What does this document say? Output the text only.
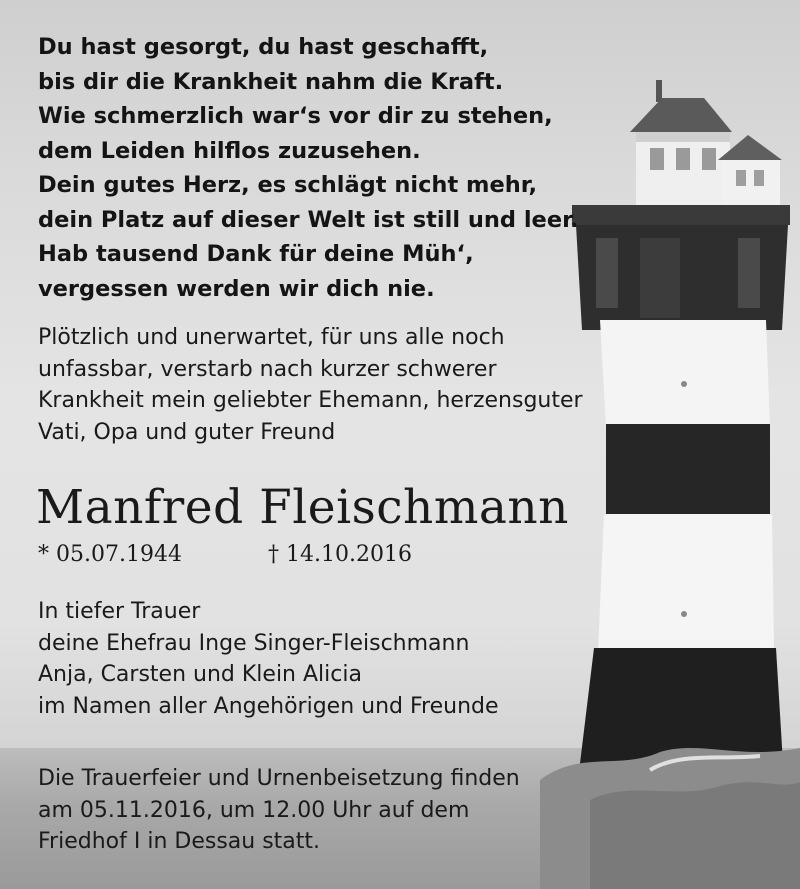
Du hast gesorgt, du hast geschafft,
bis dir die Krankheit nahm die Kraft.
Wie schmerzlich war‘s vor dir zu stehen,
dem Leiden hilflos zuzusehen.
Dein gutes Herz, es schlägt nicht mehr,
dein Platz auf dieser Welt ist still und leer.
Hab tausend Dank für deine Müh‘,
vergessen werden wir dich nie.
Plötzlich und unerwartet, für uns alle noch
unfassbar, verstarb nach kurzer schwerer
Krankheit mein geliebter Ehemann, herzensguter
Vati, Opa und guter Freund
Manfred Fleischmann
* 05.07.1944	† 14.10.2016
In tiefer Trauer
deine Ehefrau Inge Singer-Fleischmann
Anja, Carsten und Klein Alicia
im Namen aller Angehörigen und Freunde
Die Trauerfeier und Urnenbeisetzung finden
am 05.11.2016, um 12.00 Uhr auf dem
Friedhof I in Dessau statt.
